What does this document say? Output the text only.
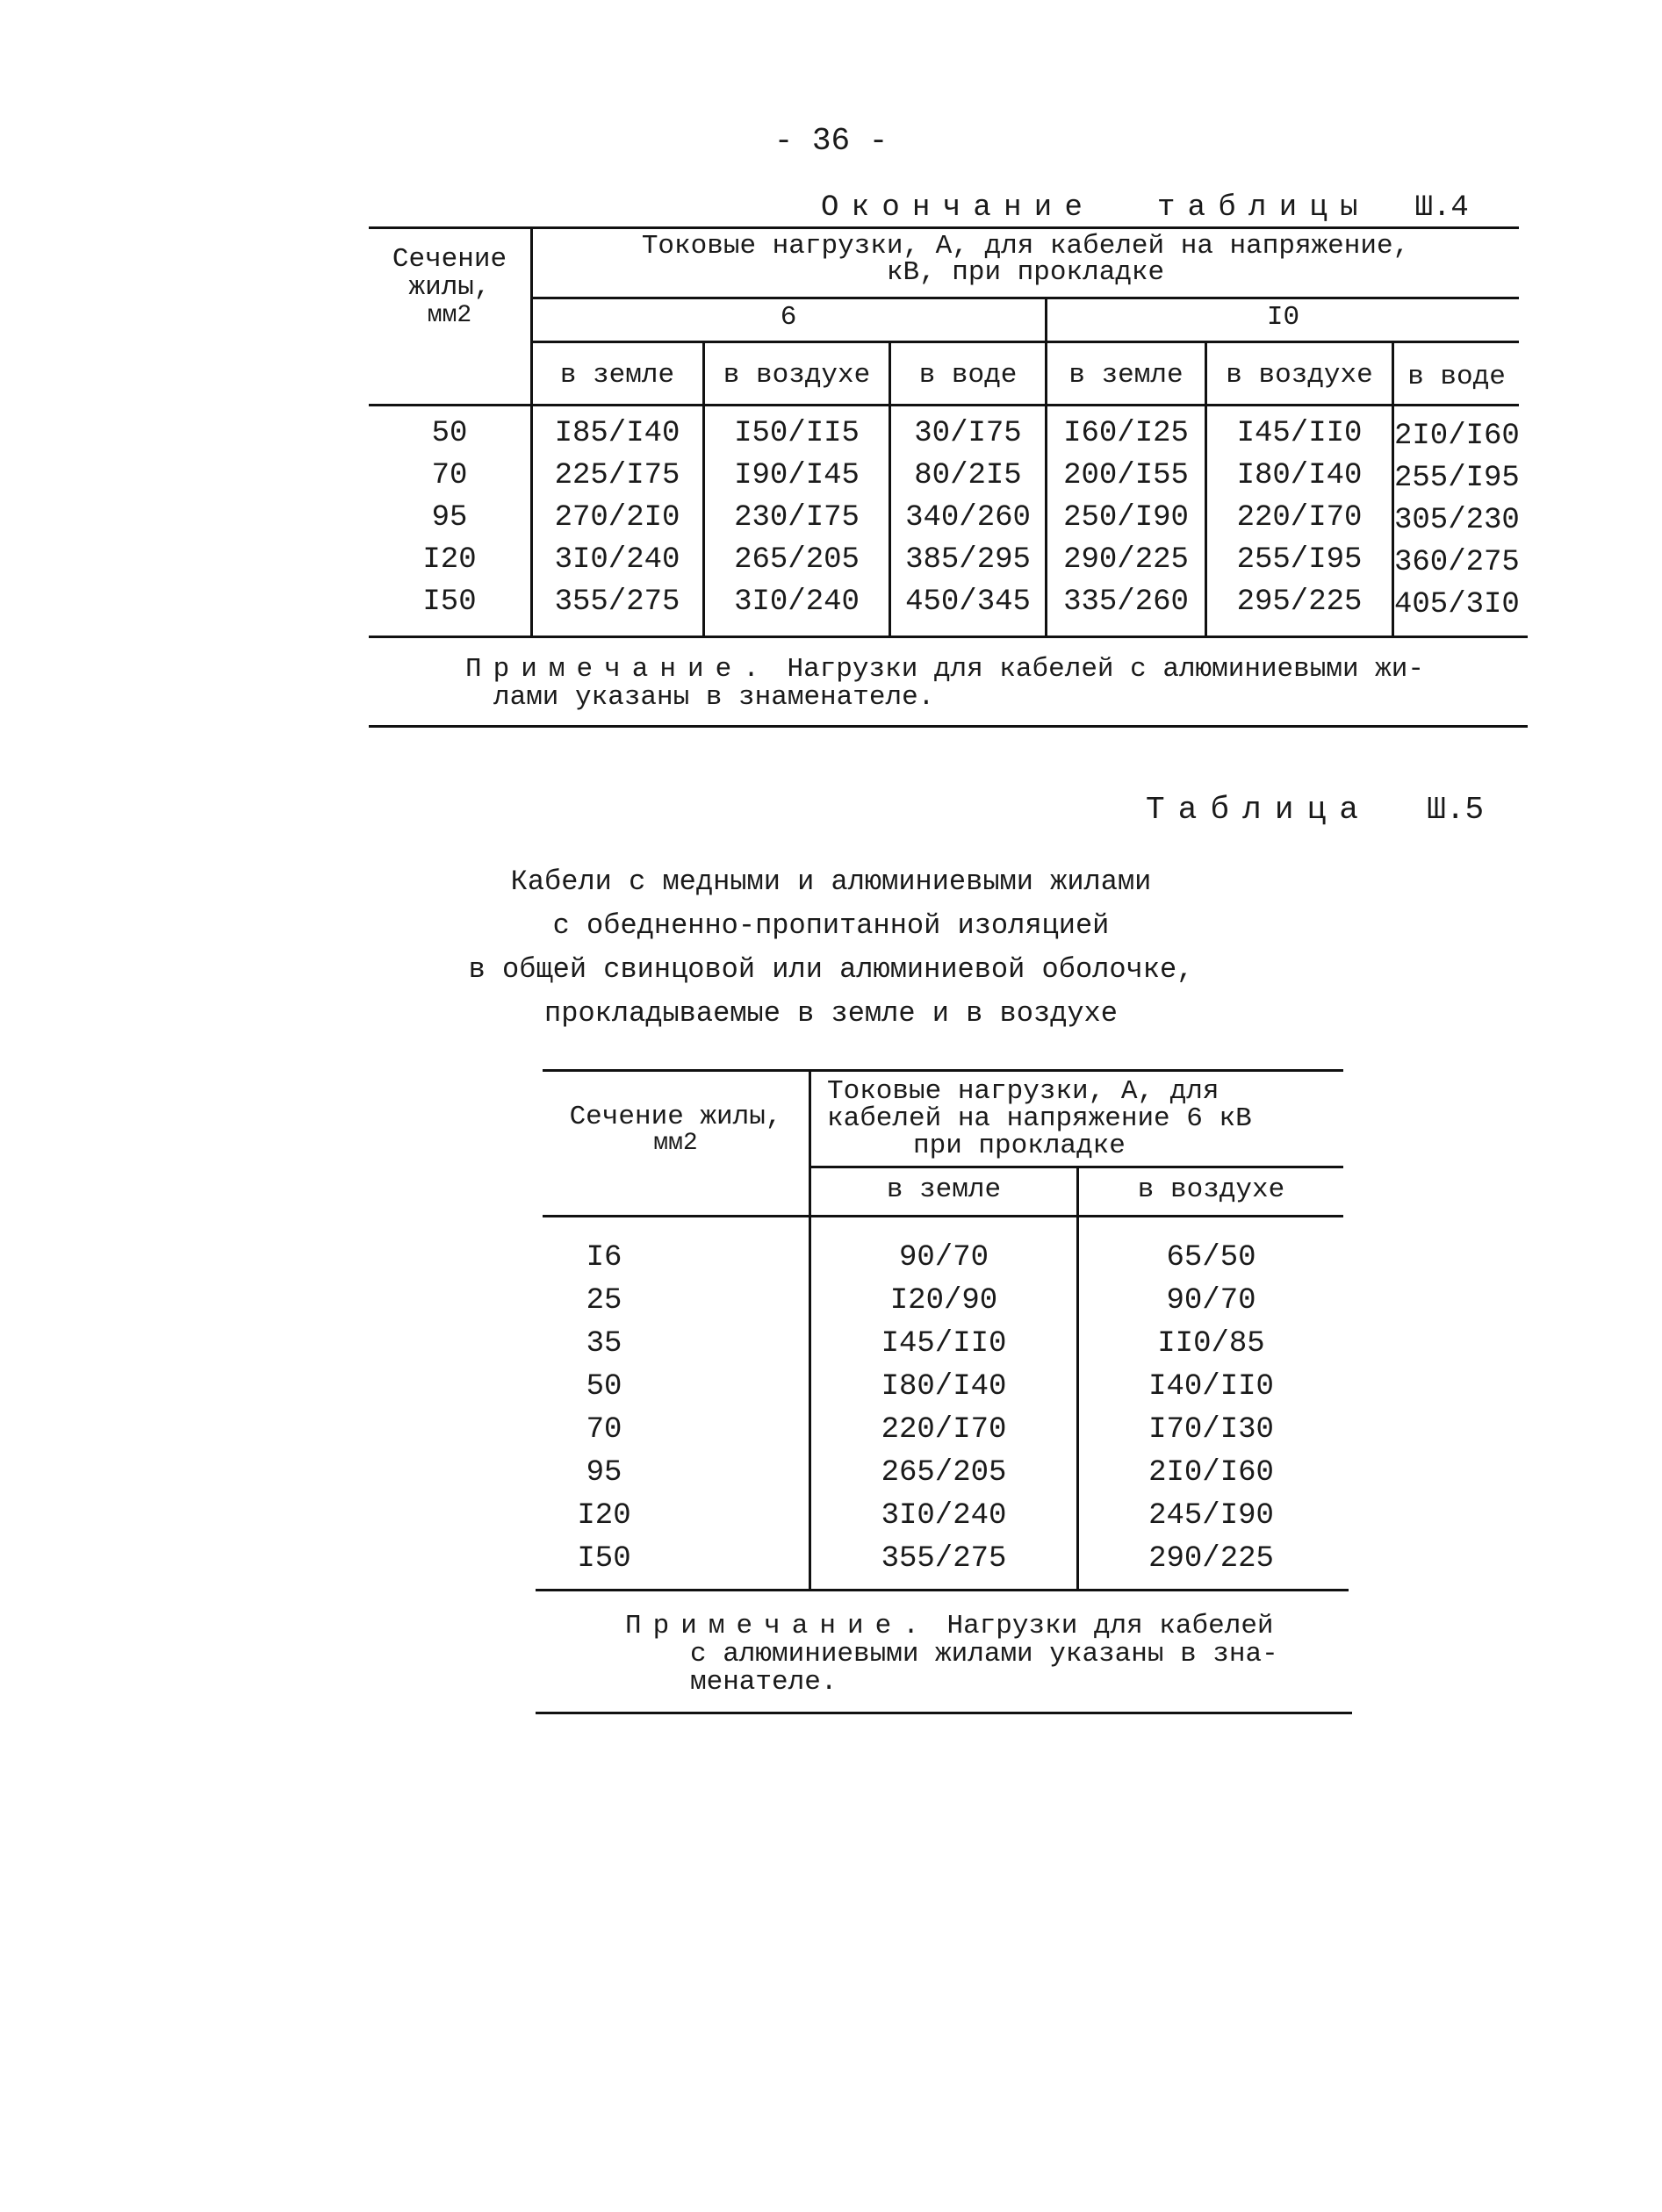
- 36 -
Окончание таблицы Ш.4
Сечение
жилы,
мм2
Токовые нагрузки, А, для кабелей на напряжение,
кВ, при прокладке
6	I0
в земле	в воздухе	в воде	в земле	в воздухе	в воде
50	I85/I40	I50/II5	30/I75	I60/I25	I45/II0	2I0/I60
70	225/I75	I90/I45	80/2I5	200/I55	I80/I40	255/I95
95	270/2I0	230/I75	340/260	250/I90	220/I70	305/230
I20	3I0/240	265/205	385/295	290/225	255/I95	360/275
I50	355/275	3I0/240	450/345	335/260	295/225	405/3I0
Примечание. Нагрузки для кабелей с алюминиевыми жи-
лами указаны в знаменателе.
Таблица Ш.5
Кабели с медными и алюминиевыми жилами
с обедненно-пропитанной изоляцией
в общей свинцовой или алюминиевой оболочке,
прокладываемые в земле и в воздухе
Сечение жилы,
мм2
Токовые нагрузки, А, для
кабелей на напряжение 6 кВ
при прокладке
в земле	в воздухе
I6	90/70	65/50
25	I20/90	90/70
35	I45/II0	II0/85
50	I80/I40	I40/II0
70	220/I70	I70/I30
95	265/205	2I0/I60
I20	3I0/240	245/I90
I50	355/275	290/225
Примечание. Нагрузки для кабелей
с алюминиевыми жилами указаны в зна-
менателе.
